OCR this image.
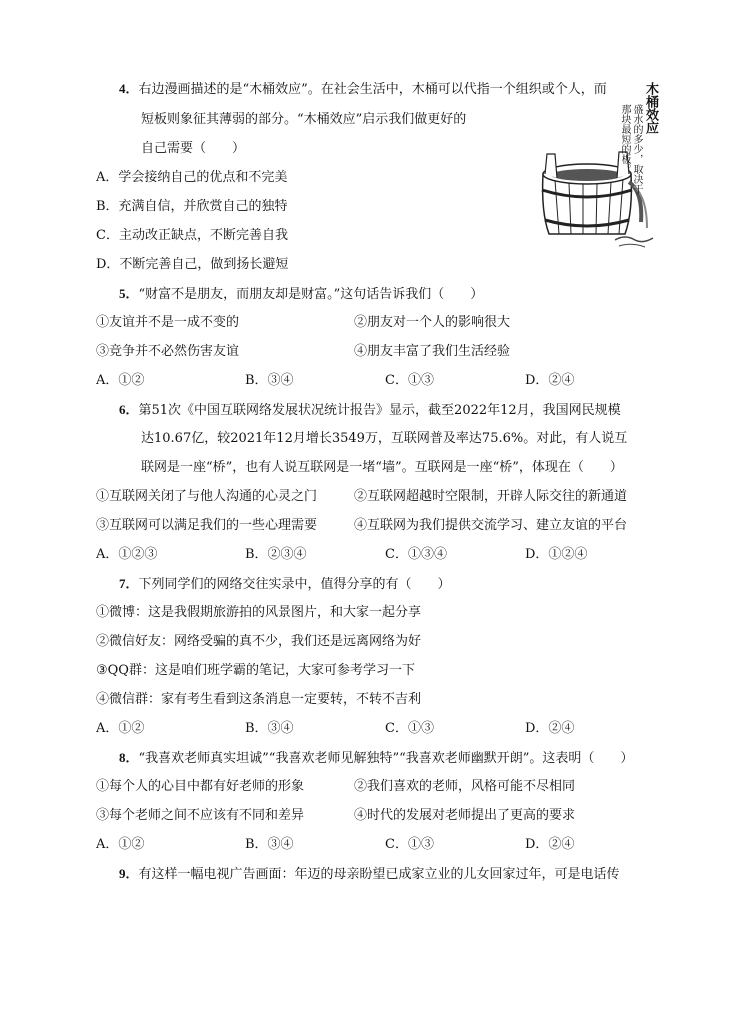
4．右边漫画描述的是“木桶效应”。在社会生活中，木桶可以代指一个组织或个人，而
短板则象征其薄弱的部分。“木桶效应”启示我们做更好的
自己需要（　　）
A．学会接纳自己的优点和不完美
B．充满自信，并欣赏自己的独特
C．主动改正缺点，不断完善自我
D．不断完善自己，做到扬长避短
木桶效应
盛水的多少，取决于
那块最短的板。
5．“财富不是朋友，而朋友却是财富。”这句话告诉我们（　　）
①友谊并不是一成不变的	②朋友对一个人的影响很大
③竞争并不必然伤害友谊	④朋友丰富了我们生活经验
A．①②	B．③④	C．①③	D．②④
6．第51次《中国互联网络发展状况统计报告》显示，截至2022年12月，我国网民规模
达10.67亿，较2021年12月增长3549万，互联网普及率达75.6%。对此，有人说互
联网是一座“桥”，也有人说互联网是一堵“墙”。互联网是一座“桥”，体现在（　　）
①互联网关闭了与他人沟通的心灵之门	②互联网超越时空限制，开辟人际交往的新通道
③互联网可以满足我们的一些心理需要	④互联网为我们提供交流学习、建立友谊的平台
A．①②③	B．②③④	C．①③④	D．①②④
7．下列同学们的网络交往实录中，值得分享的有（　　）
①微博：这是我假期旅游拍的风景图片，和大家一起分享
②微信好友：网络受骗的真不少，我们还是远离网络为好
③QQ群：这是咱们班学霸的笔记，大家可参考学习一下
④微信群：家有考生看到这条消息一定要转，不转不吉利
A．①②	B．③④	C．①③	D．②④
8．“我喜欢老师真实坦诚”“我喜欢老师见解独特”“我喜欢老师幽默开朗”。这表明（　　）
①每个人的心目中都有好老师的形象	②我们喜欢的老师，风格可能不尽相同
③每个老师之间不应该有不同和差异	④时代的发展对老师提出了更高的要求
A．①②	B．③④	C．①③	D．②④
9．有这样一幅电视广告画面：年迈的母亲盼望已成家立业的儿女回家过年，可是电话传
